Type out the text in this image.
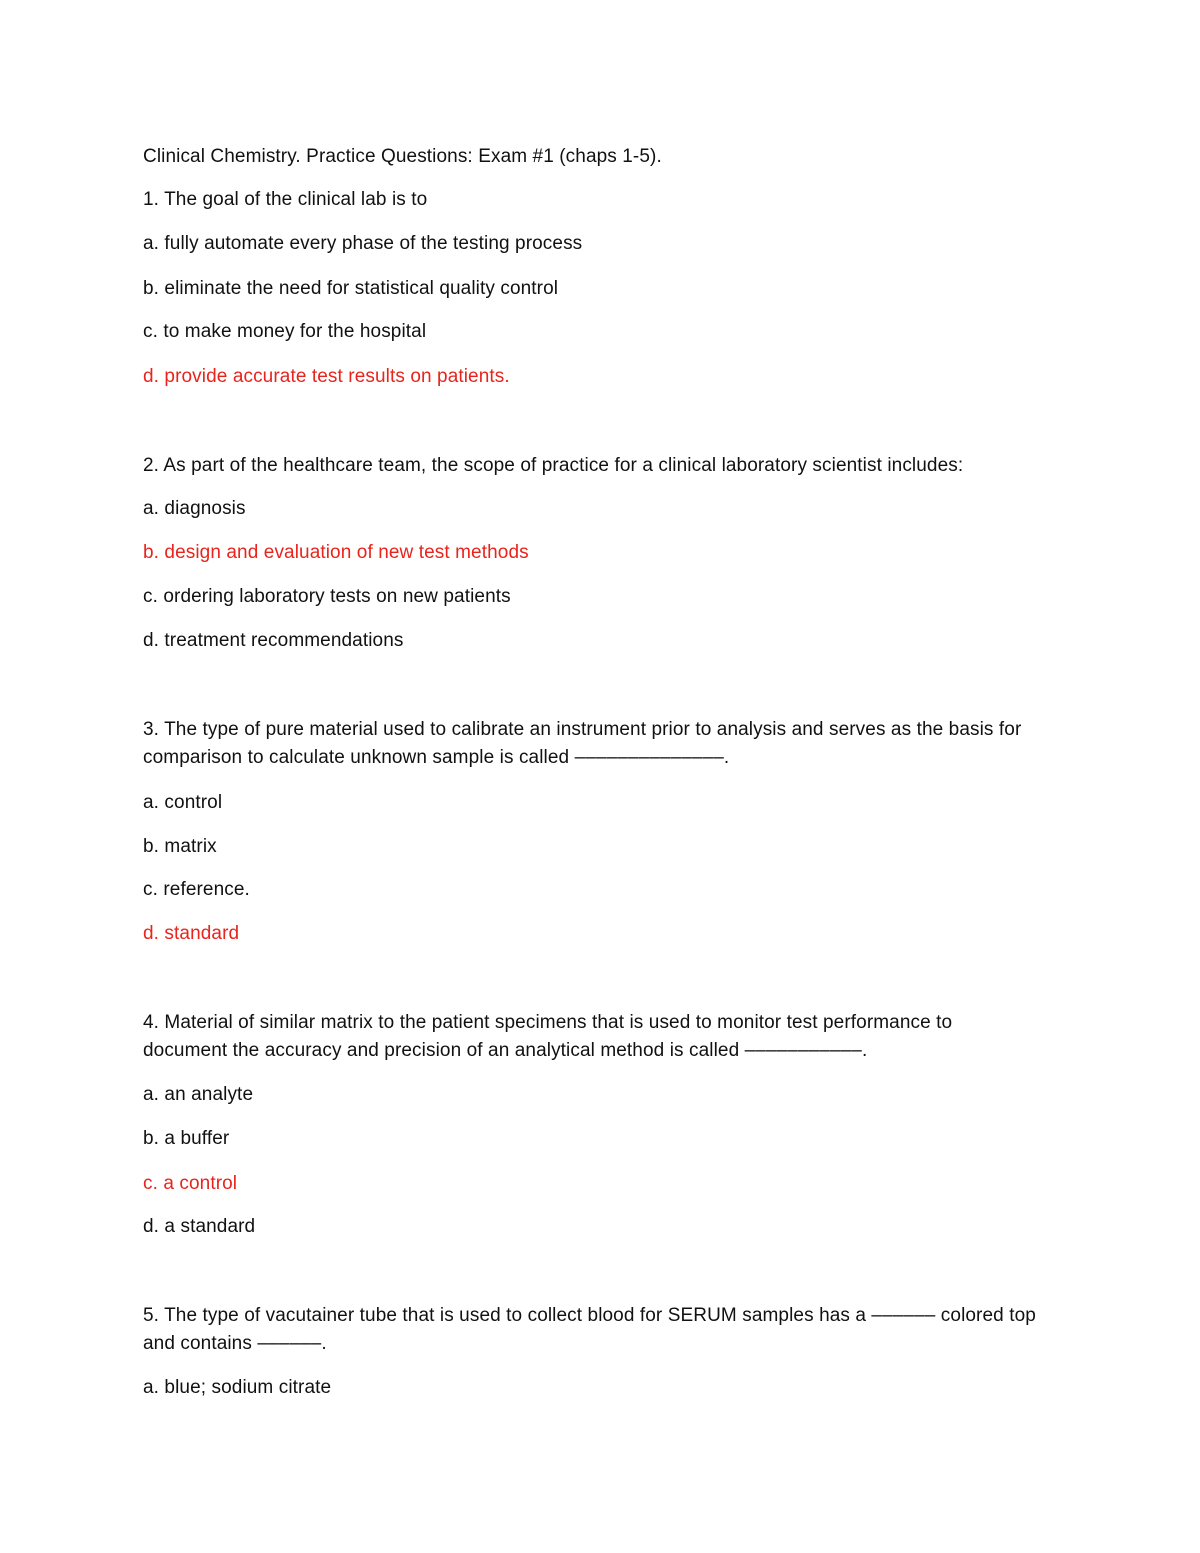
Clinical Chemistry. Practice Questions: Exam #1 (chaps 1-5).
1. The goal of the clinical lab is to
a. fully automate every phase of the testing process
b. eliminate the need for statistical quality control
c. to make money for the hospital
d. provide accurate test results on patients.
2. As part of the healthcare team, the scope of practice for a clinical laboratory scientist includes:
a. diagnosis
b. design and evaluation of new test methods
c. ordering laboratory tests on new patients
d. treatment recommendations
3. The type of pure material used to calibrate an instrument prior to analysis and serves as the basis for
comparison to calculate unknown sample is called ––––––––––––––.
a. control
b. matrix
c. reference.
d. standard
4. Material of similar matrix to the patient specimens that is used to monitor test performance to
document the accuracy and precision of an analytical method is called –––––––––––.
a. an analyte
b. a buffer
c. a control
d. a standard
5. The type of vacutainer tube that is used to collect blood for SERUM samples has a –––––– colored top
and contains ––––––.
a. blue; sodium citrate
